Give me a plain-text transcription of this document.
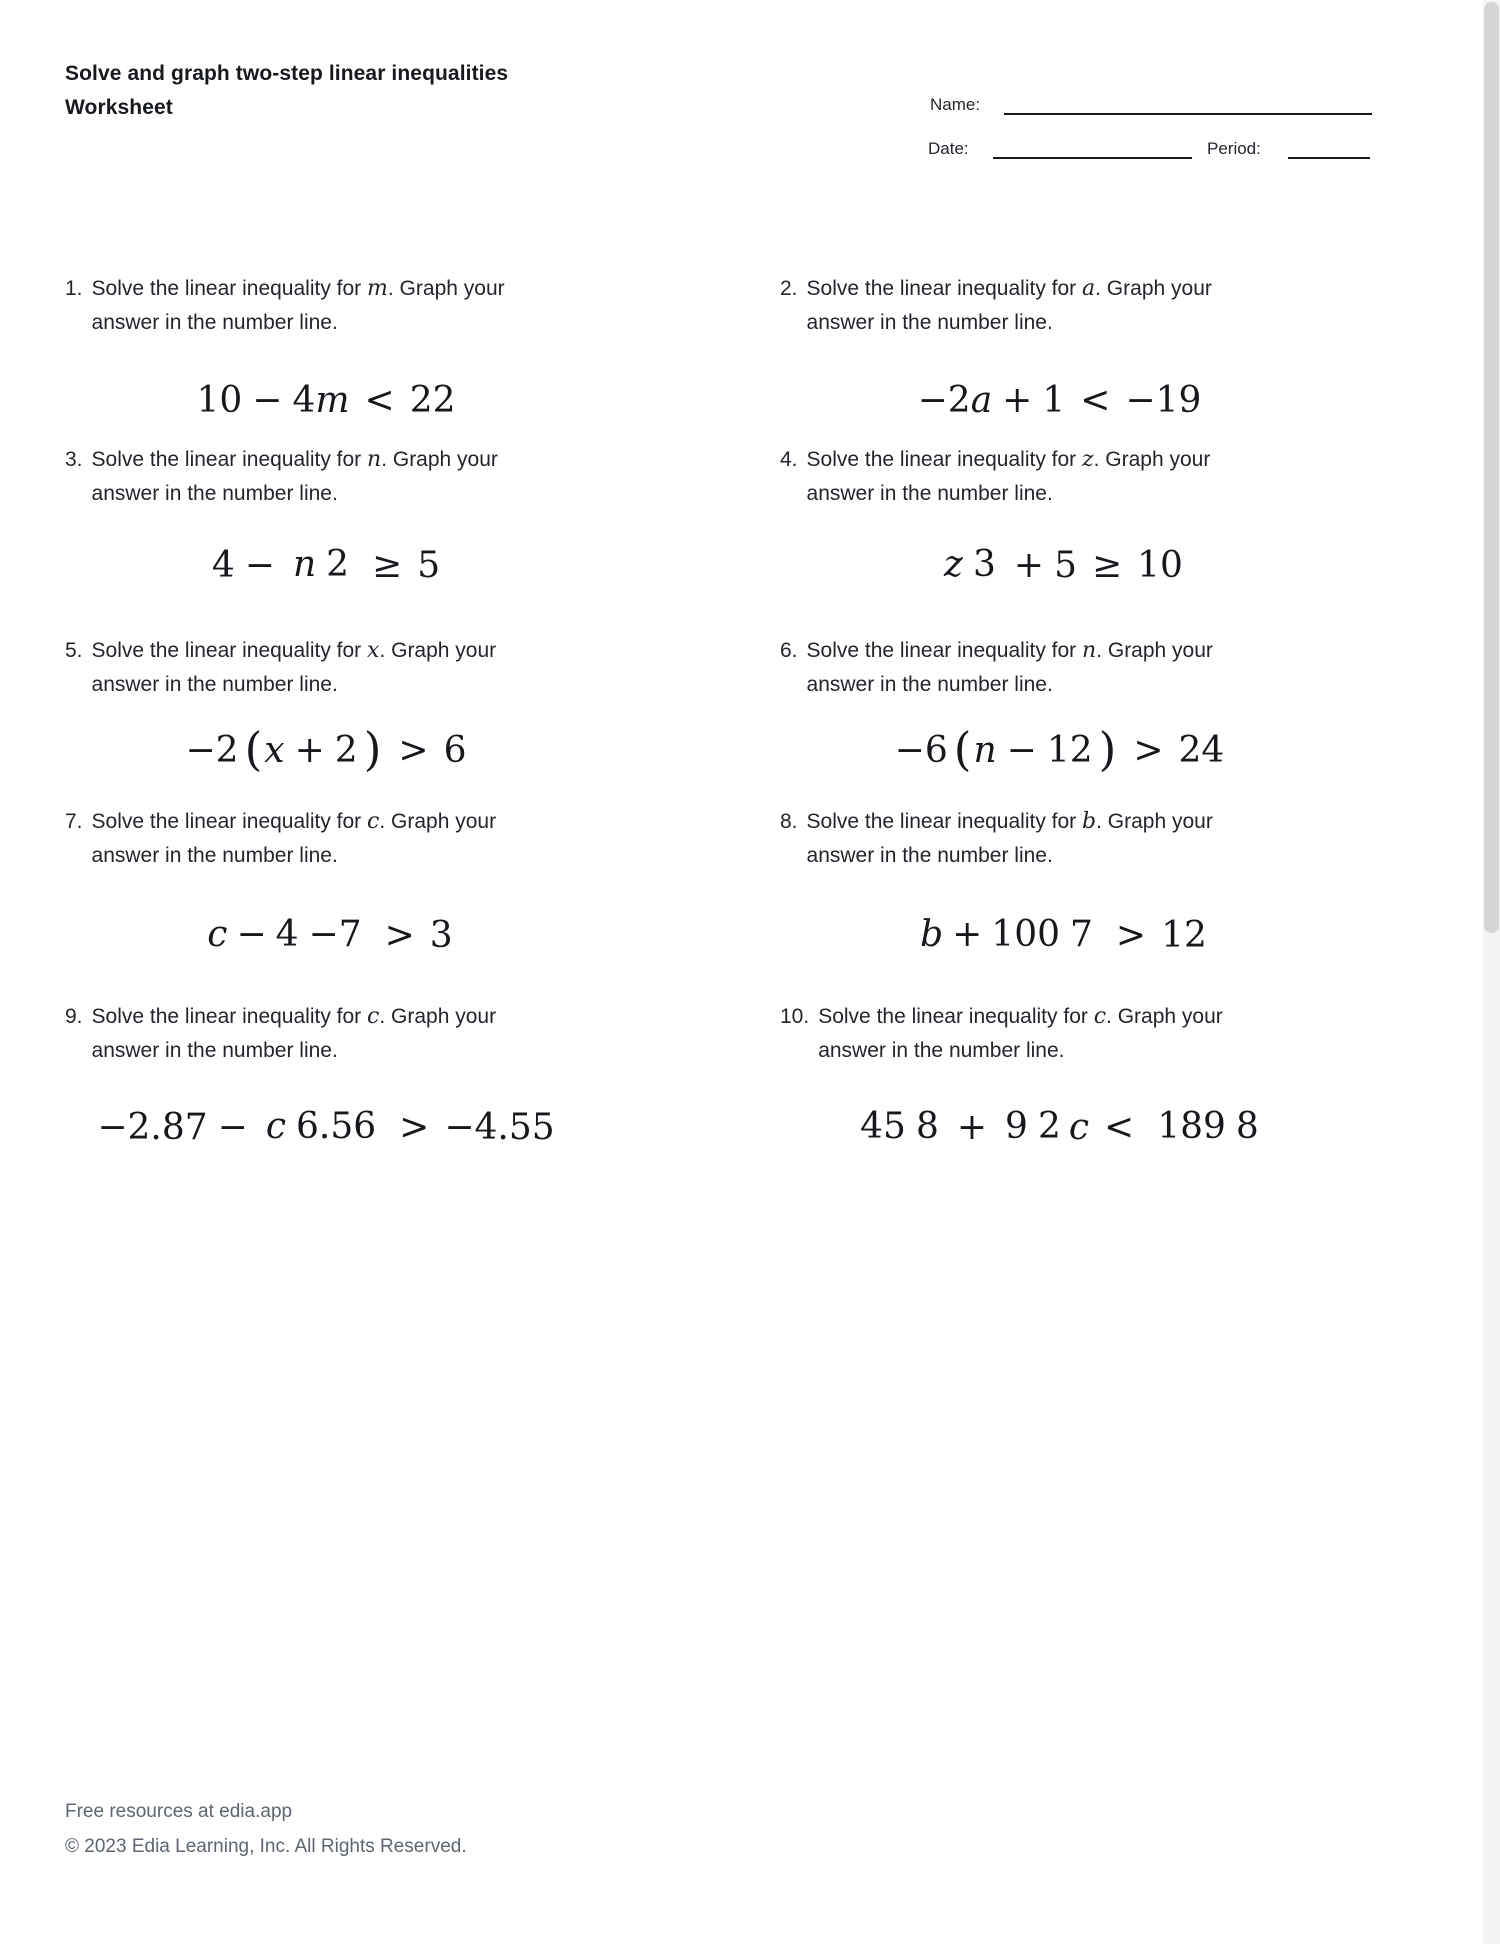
Solve and graph two-step linear inequalities
Worksheet	Name:
Date:	Period:
1. Solve the linear inequality for m. Graph your
answer in the number line.
10 − 4 m < 22
2. Solve the linear inequality for a. Graph your
answer in the number line.
−2 a + 1 < −19
3. Solve the linear inequality for n. Graph your
answer in the number line.
4 − n 2 ≥ 5
4. Solve the linear inequality for z. Graph your
answer in the number line.
z 3 + 5 ≥ 10
5. Solve the linear inequality for x. Graph your
answer in the number line.
−2 ( x + 2 ) > 6
6. Solve the linear inequality for n. Graph your
answer in the number line.
−6 ( n − 12 ) > 24
7. Solve the linear inequality for c. Graph your
answer in the number line.
c − 4 −7 > 3
8. Solve the linear inequality for b. Graph your
answer in the number line.
b + 100 7 > 12
9. Solve the linear inequality for c. Graph your
answer in the number line.
−2.87 − c 6.56 > −4.55
10. Solve the linear inequality for c. Graph your
answer in the number line.
45 8 + 9 2 c < 189 8
Free resources at edia.app
© 2023 Edia Learning, Inc. All Rights Reserved.
